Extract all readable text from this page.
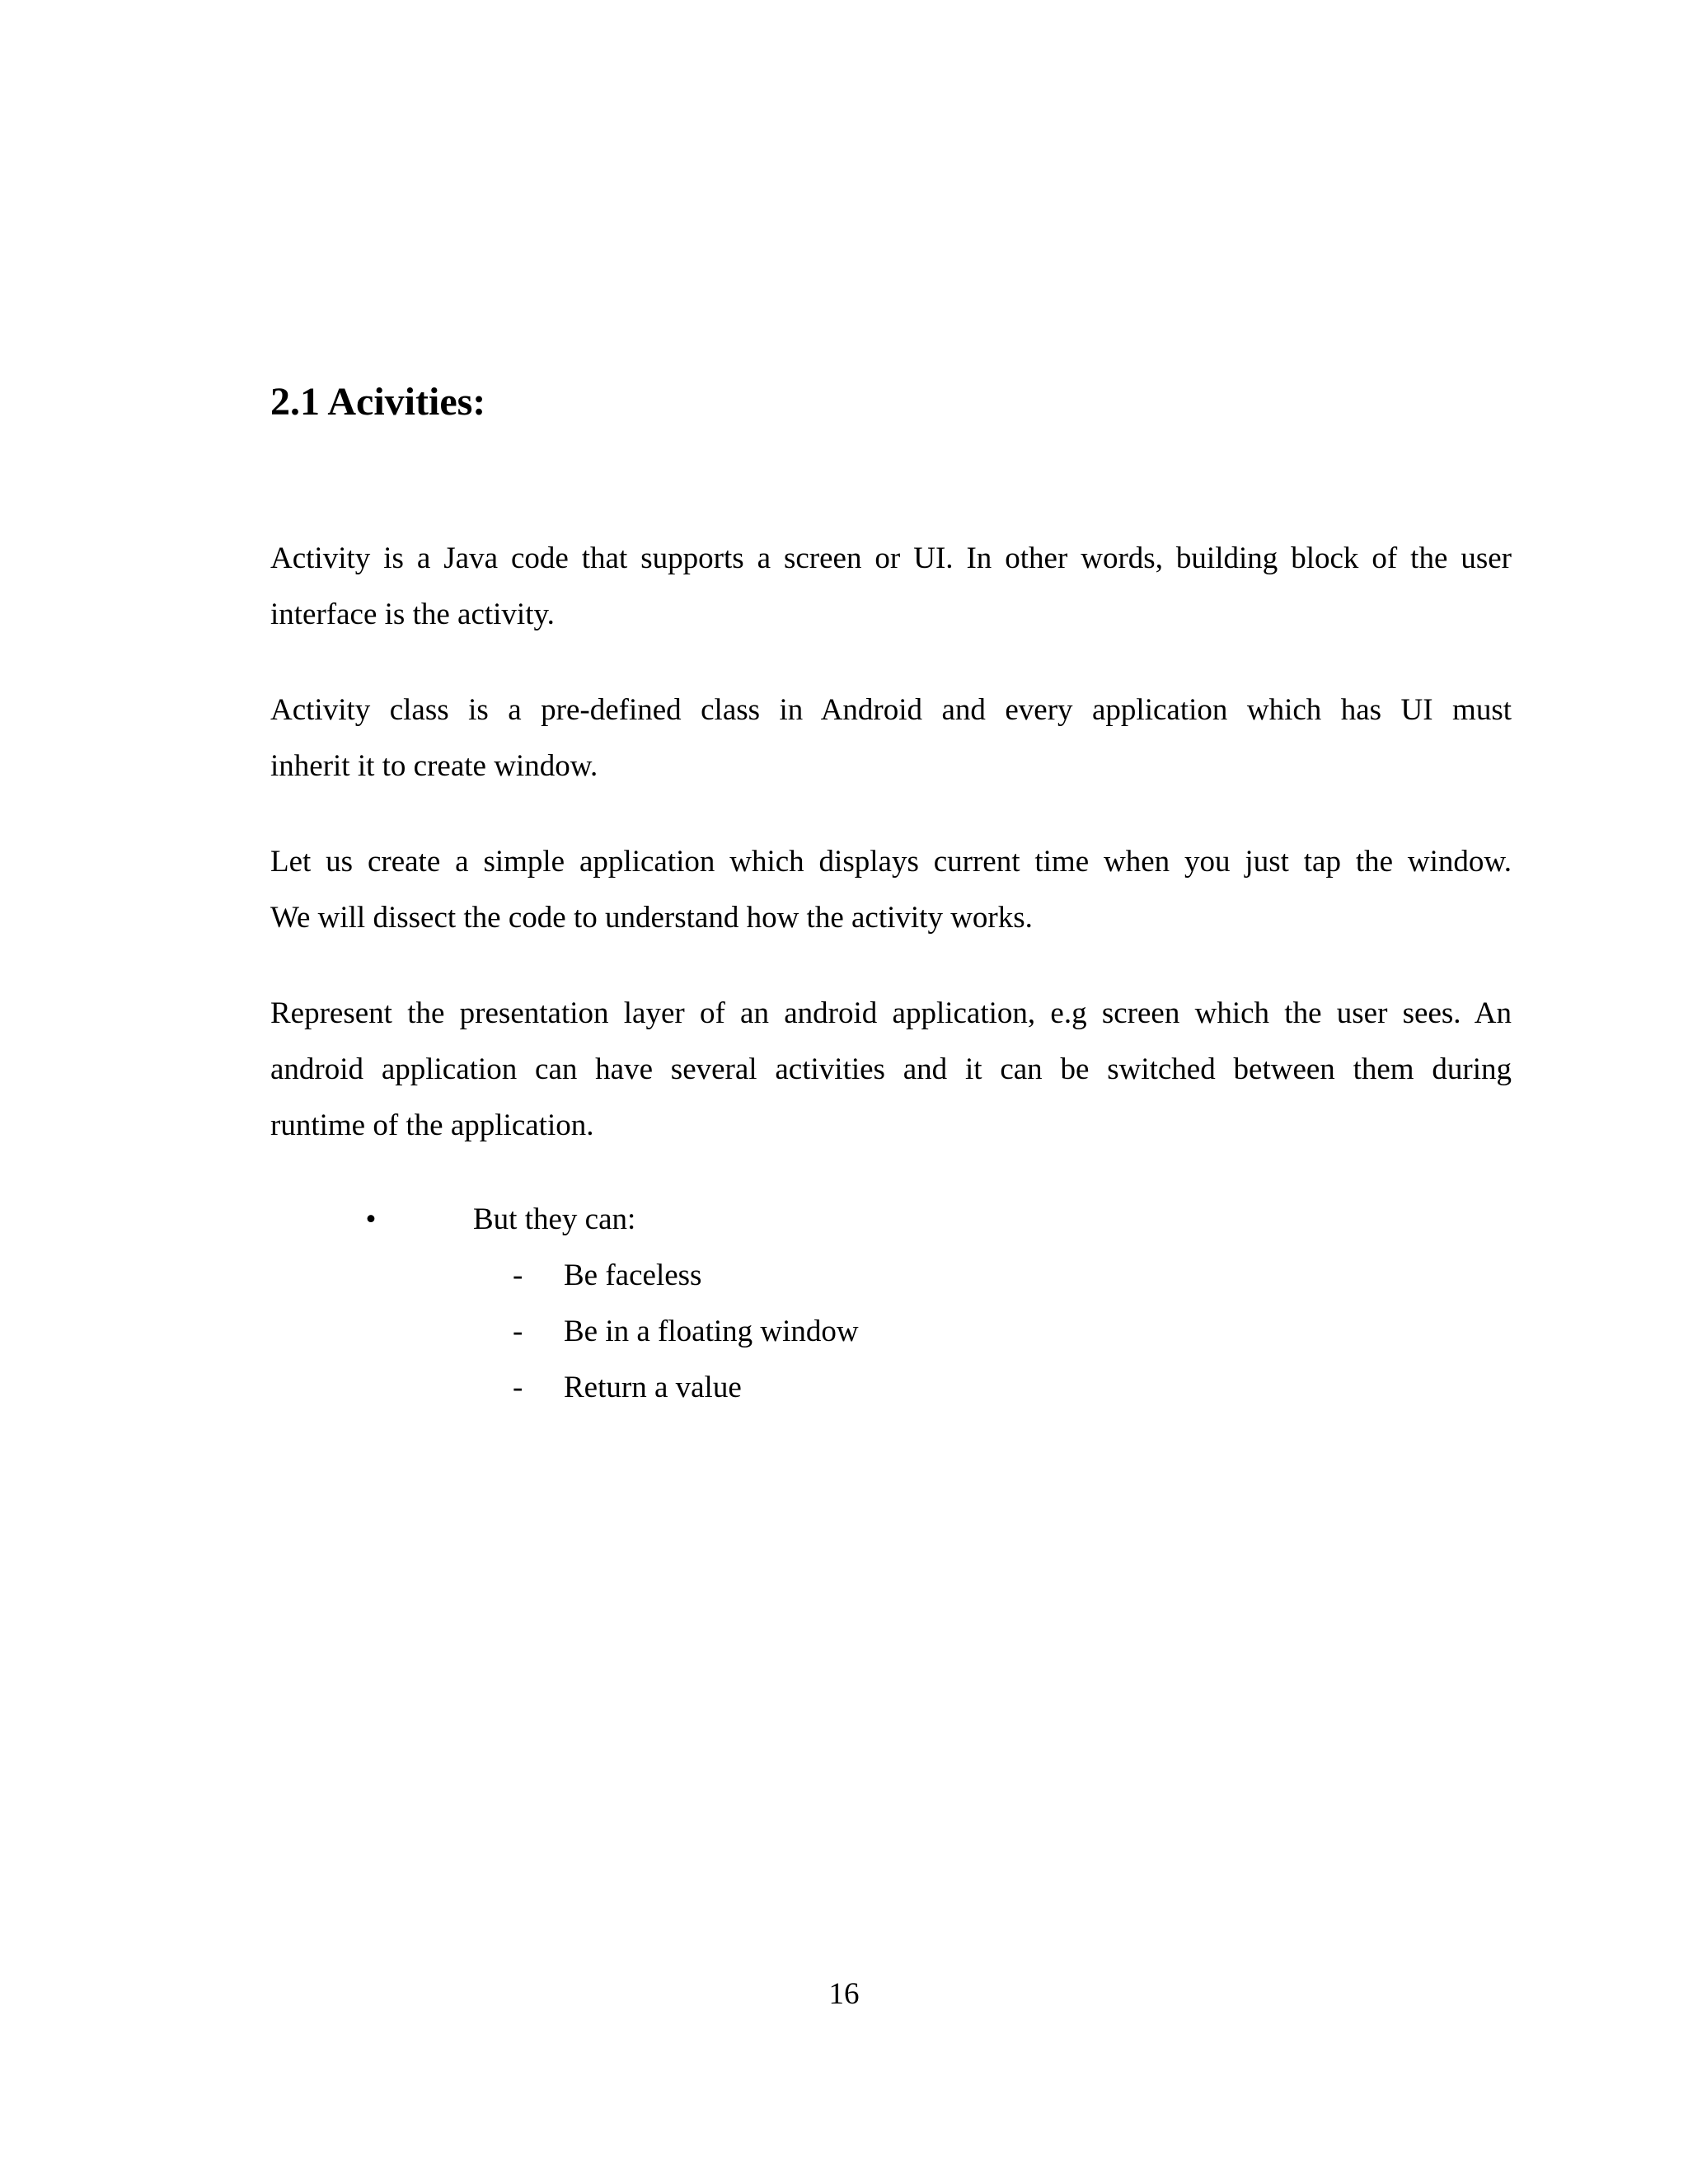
2.1 Acivities:

Activity is a Java code that supports a screen or UI. In other words, building block of the user
interface is the activity.

Activity class is a pre-defined class in Android and every application which has UI must
inherit it to create window.

Let us create a simple application which displays current time when you just tap the window.
We will dissect the code to understand how the activity works.

Represent the presentation layer of an android application, e.g screen which the user sees. An
android application can have several activities and it can be switched between them during
runtime of the application.

•	But they can:
- Be faceless
- Be in a floating window
- Return a value
16
